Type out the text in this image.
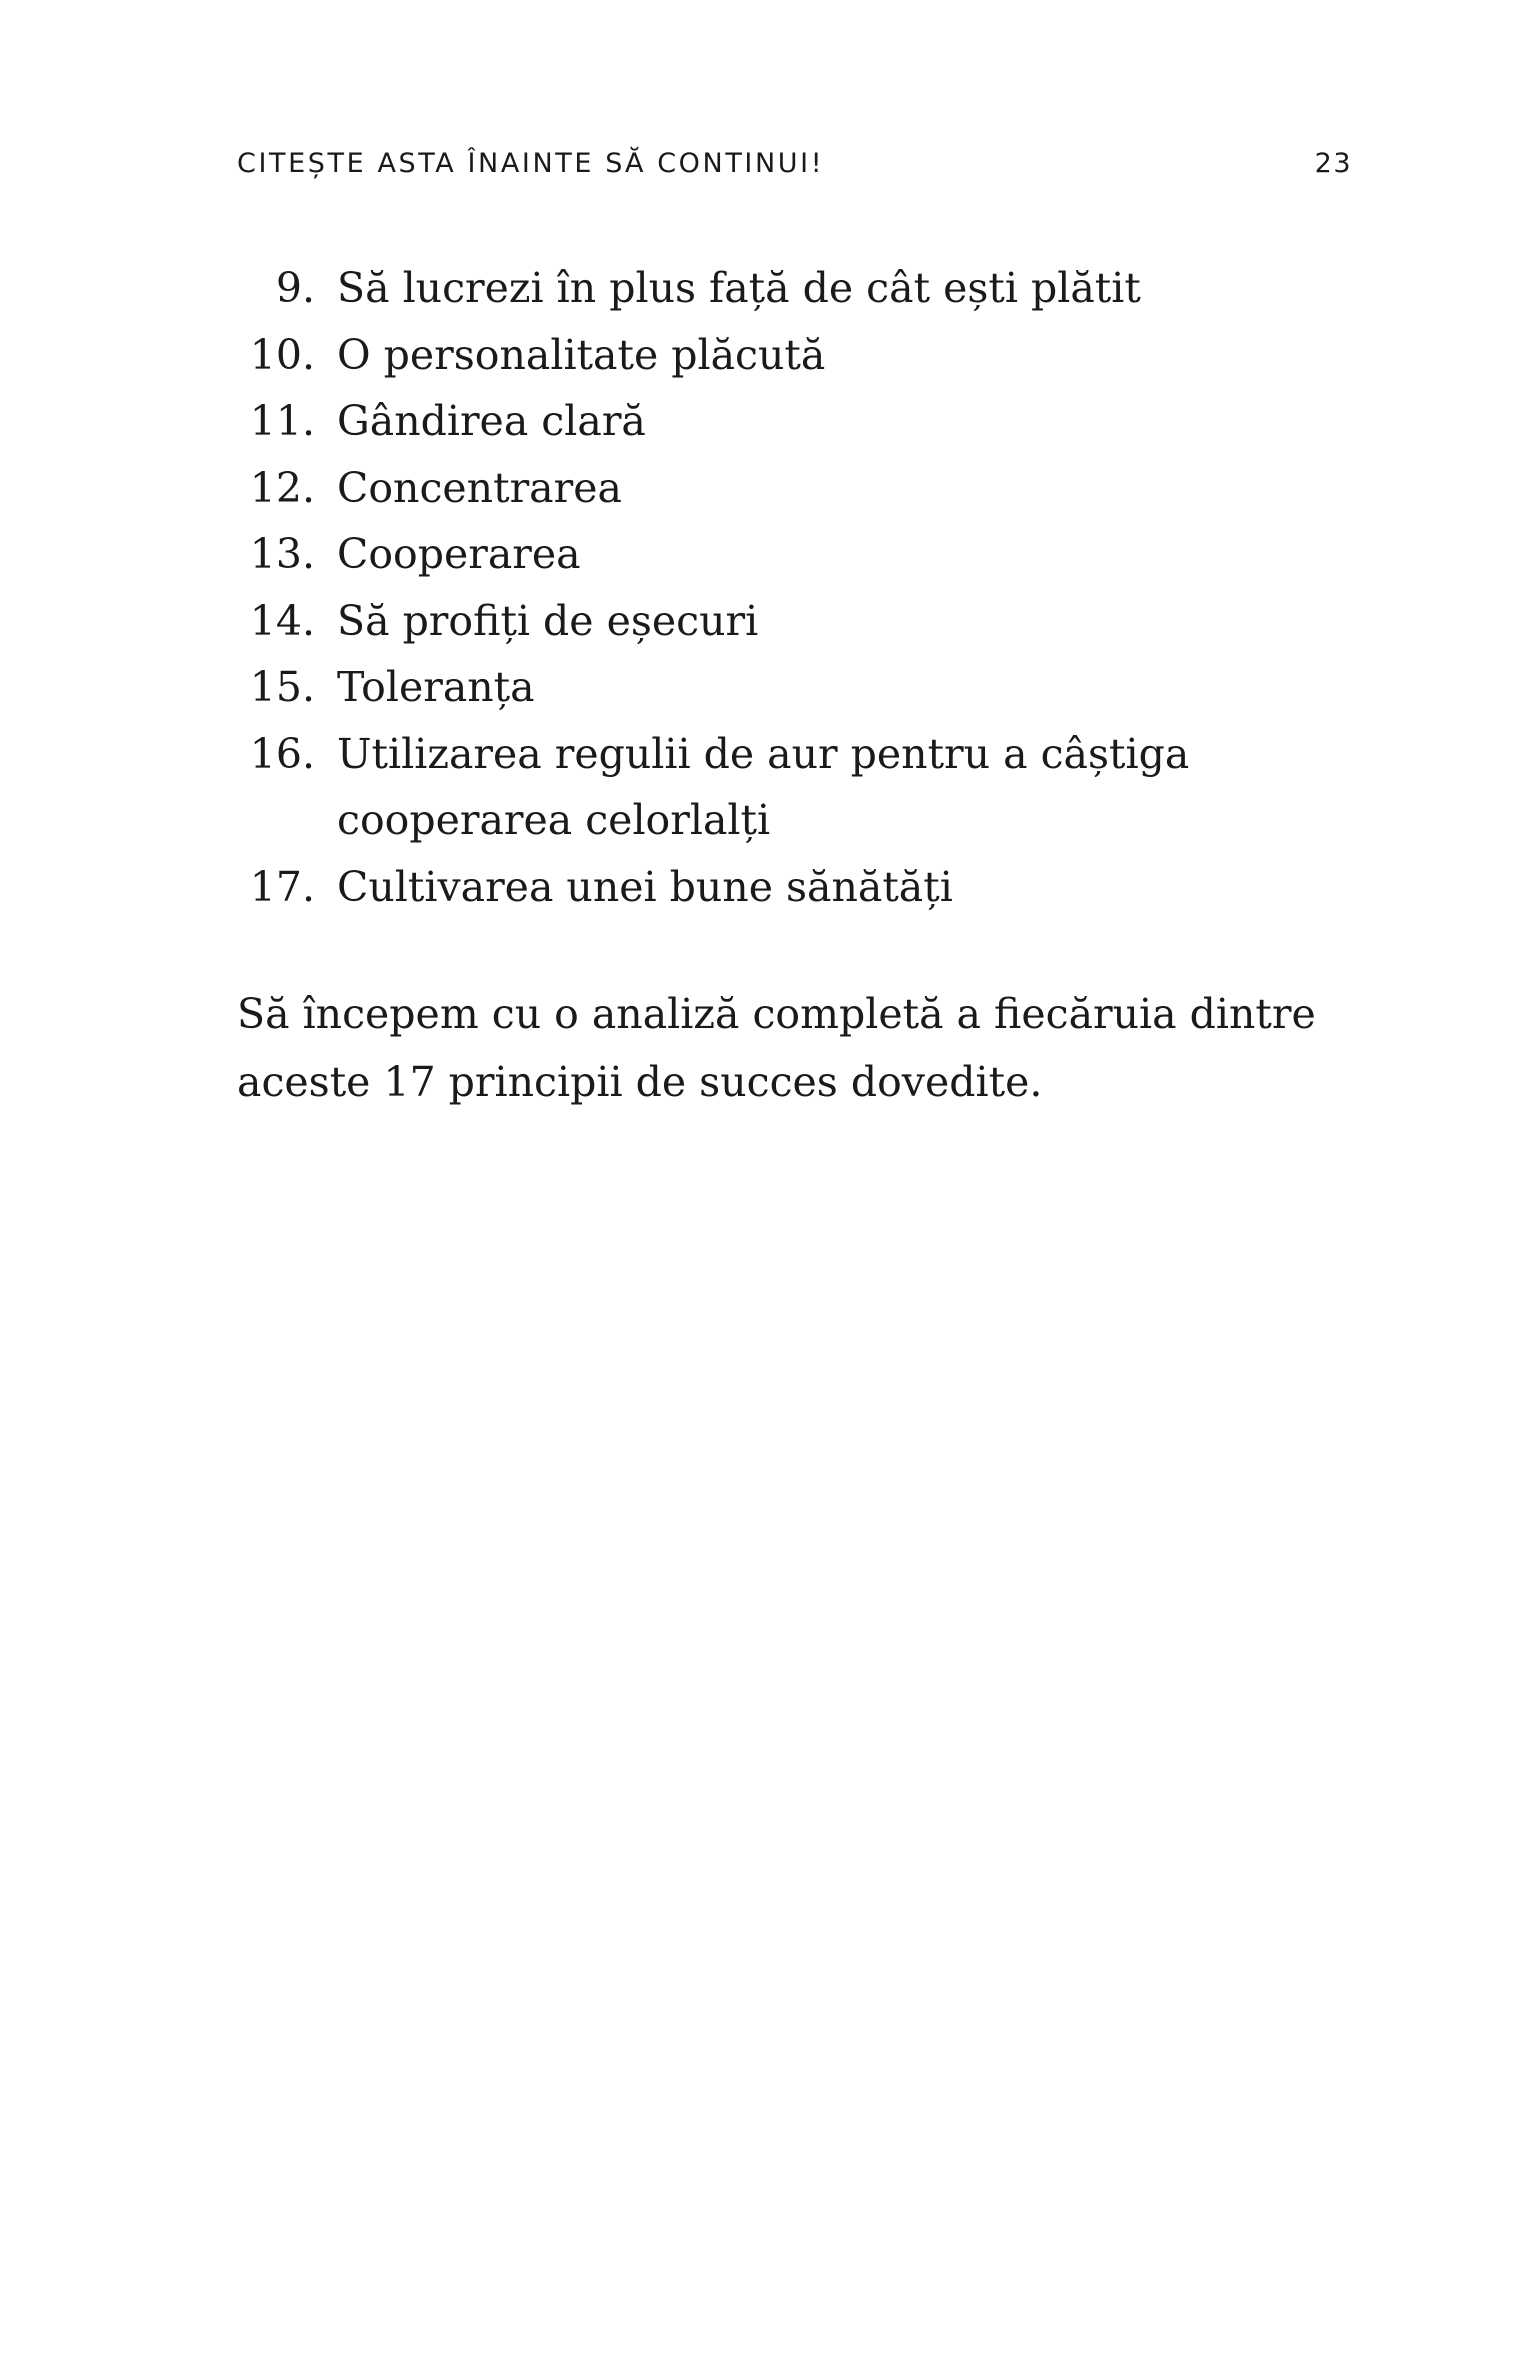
CITEȘTE ASTA ÎNAINTE SĂ CONTINUI!	23
9. Să lucrezi în plus față de cât ești plătit
10. O personalitate plăcută
11. Gândirea clară
12. Concentrarea
13. Cooperarea
14. Să profiți de eșecuri
15. Toleranța
16. Utilizarea regulii de aur pentru a câștiga cooperarea celorlalți
17. Cultivarea unei bune sănătăți

Să începem cu o analiză completă a fiecăruia dintre aceste 17 principii de succes dovedite.
